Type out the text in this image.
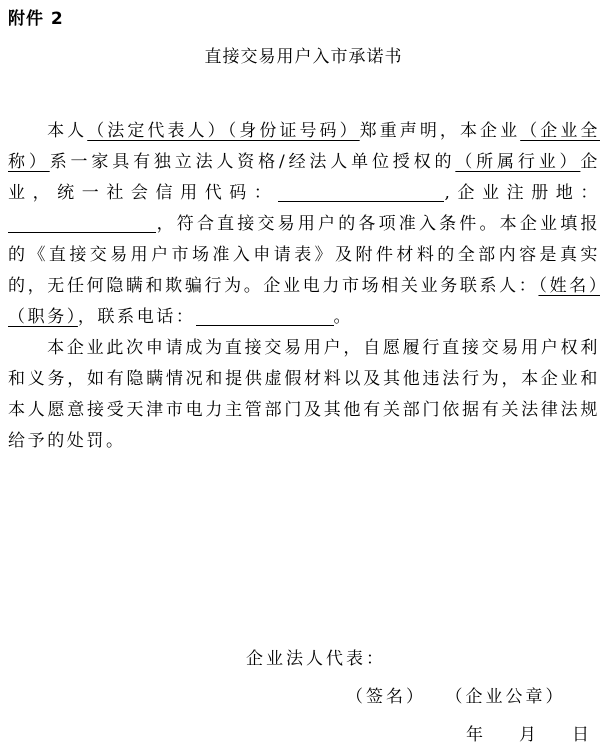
附件 2
直接交易用户入市承诺书

本人（法定代表人）（身份证号码）郑重声明，本企业（企业全称）系一家具有独立法人资格/经法人单位授权的（所属行业）企业，统一社会信用代码：	,企业注册地：，符合直接交易用户的各项准入条件。本企业填报的《直接交易用户市场准入申请表》及附件材料的全部内容是真实的，无任何隐瞒和欺骗行为。企业电力市场相关业务联系人：（姓名）（职务），联系电话：	。

本企业此次申请成为直接交易用户，自愿履行直接交易用户权利和义务，如有隐瞒情况和提供虚假材料以及其他违法行为，本企业和本人愿意接受天津市电力主管部门及其他有关部门依据有关法律法规给予的处罚。

企业法人代表：
（签名） （企业公章）
年 月 日
